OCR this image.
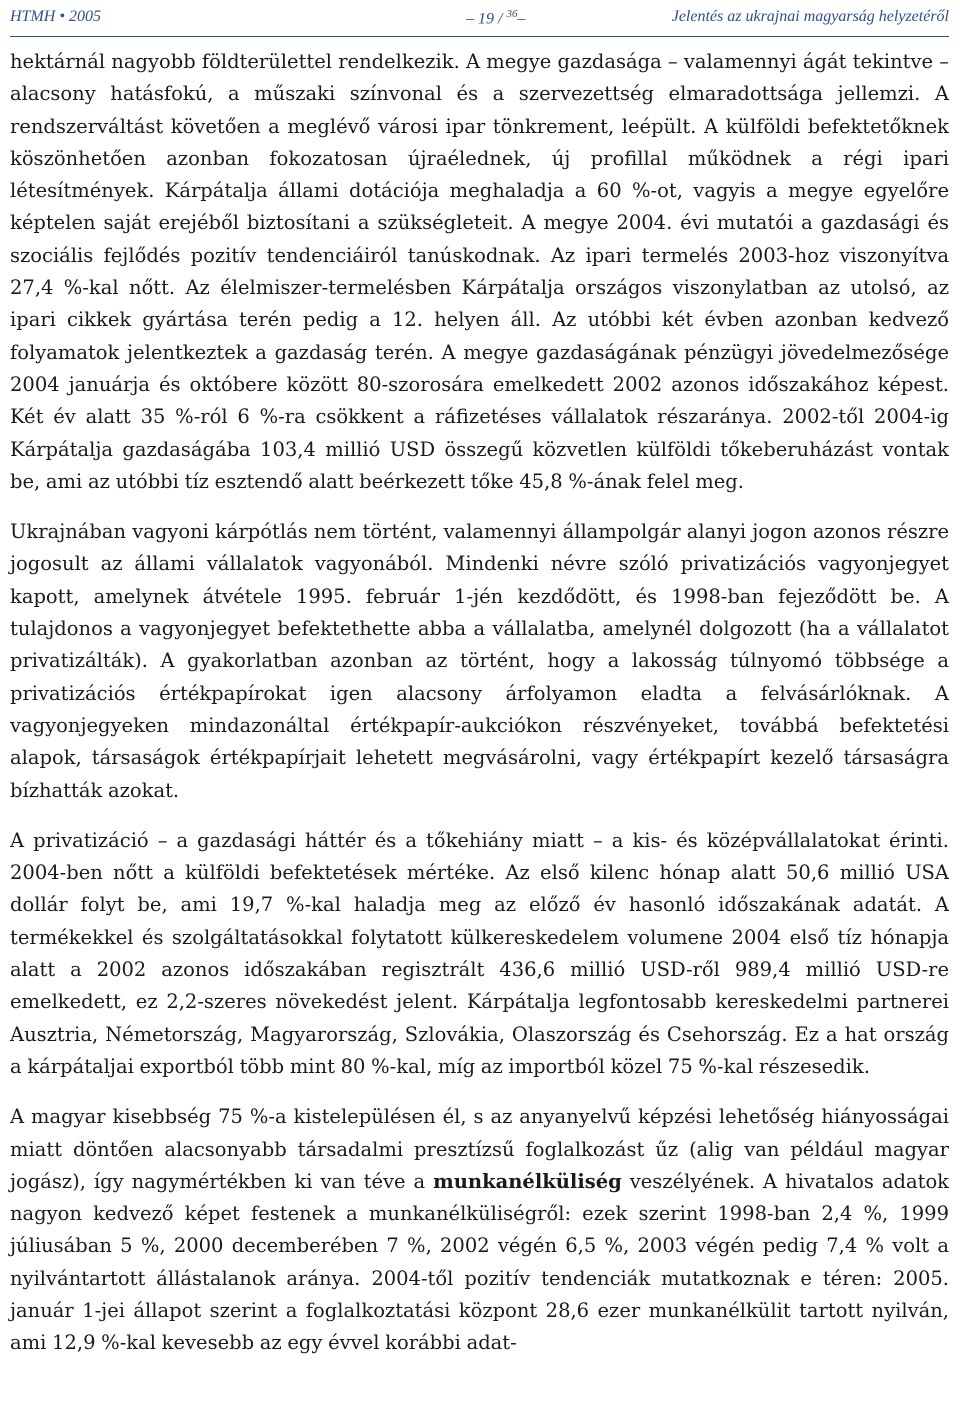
HTMH • 2005	– 19 / $^{36}$–	Jelentés az ukrajnai magyarság helyzetéről

hektárnál nagyobb földterülettel rendelkezik. A megye gazdasága – valamennyi ágát tekintve – alacsony hatásfokú, a műszaki színvonal és a szervezettség elmaradottsága jellemzi. A rendszerváltást követően a meglévő városi ipar tönkrement, leépült. A külföldi befektetőknek köszönhetően azonban fokozatosan újraélednek, új profillal működnek a régi ipari létesítmények. Kárpátalja állami dotációja meghaladja a 60 %-ot, vagyis a megye egyelőre képtelen saját erejéből biztosítani a szükségleteit. A megye 2004. évi mutatói a gazdasági és szociális fejlődés pozitív tendenciáiról tanúskodnak. Az ipari termelés 2003-hoz viszonyítva 27,4 %-kal nőtt. Az élelmiszer-termelésben Kárpátalja országos viszonylatban az utolsó, az ipari cikkek gyártása terén pedig a 12. helyen áll. Az utóbbi két évben azonban kedvező folyamatok jelentkeztek a gazdaság terén. A megye gazdaságának pénzügyi jövedelmezősége 2004 januárja és októbere között 80-szorosára emelkedett 2002 azonos időszakához képest. Két év alatt 35 %-ról 6 %-ra csökkent a ráfizetéses vállalatok részaránya. 2002-től 2004-ig Kárpátalja gazdaságába 103,4 millió USD összegű közvetlen külföldi tőkeberuházást vontak be, ami az utóbbi tíz esztendő alatt beérkezett tőke 45,8 %-ának felel meg.

Ukrajnában vagyoni kárpótlás nem történt, valamennyi állampolgár alanyi jogon azonos részre jogosult az állami vállalatok vagyonából. Mindenki névre szóló privatizációs vagyonjegyet kapott, amelynek átvétele 1995. február 1-jén kezdődött, és 1998-ban fejeződött be. A tulajdonos a vagyonjegyet befektethette abba a vállalatba, amelynél dolgozott (ha a vállalatot privatizálták). A gyakorlatban azonban az történt, hogy a lakosság túlnyomó többsége a privatizációs értékpapírokat igen alacsony árfolyamon eladta a felvásárlóknak. A vagyonjegyeken mindazonáltal értékpapír-aukciókon részvényeket, továbbá befektetési alapok, társaságok értékpapírjait lehetett megvásárolni, vagy értékpapírt kezelő társaságra bízhatták azokat.

A privatizáció – a gazdasági háttér és a tőkehiány miatt – a kis- és középvállalatokat érinti. 2004-ben nőtt a külföldi befektetések mértéke. Az első kilenc hónap alatt 50,6 millió USA dollár folyt be, ami 19,7 %-kal haladja meg az előző év hasonló időszakának adatát. A termékekkel és szolgáltatásokkal folytatott külkereskedelem volumene 2004 első tíz hónapja alatt a 2002 azonos időszakában regisztrált 436,6 millió USD-ről 989,4 millió USD-re emelkedett, ez 2,2-szeres növekedést jelent. Kárpátalja legfontosabb kereskedelmi partnerei Ausztria, Németország, Magyarország, Szlovákia, Olaszország és Csehország. Ez a hat ország a kárpátaljai exportból több mint 80 %-kal, míg az importból közel 75 %-kal részesedik.

A magyar kisebbség 75 %-a kistelepülésen él, s az anyanyelvű képzési lehetőség hiányosságai miatt döntően alacsonyabb társadalmi presztízsű foglalkozást űz (alig van például magyar jogász), így nagymértékben ki van téve a munkanélküliség veszélyének. A hivatalos adatok nagyon kedvező képet festenek a munkanélküliségről: ezek szerint 1998-ban 2,4 %, 1999 júliusában 5 %, 2000 decemberében 7 %, 2002 végén 6,5 %, 2003 végén pedig 7,4 % volt a nyilvántartott állástalanok aránya. 2004-től pozitív tendenciák mutatkoznak e téren: 2005. január 1-jei állapot szerint a foglalkoztatási központ 28,6 ezer munkanélkülit tartott nyilván, ami 12,9 %-kal kevesebb az egy évvel korábbi adat-
